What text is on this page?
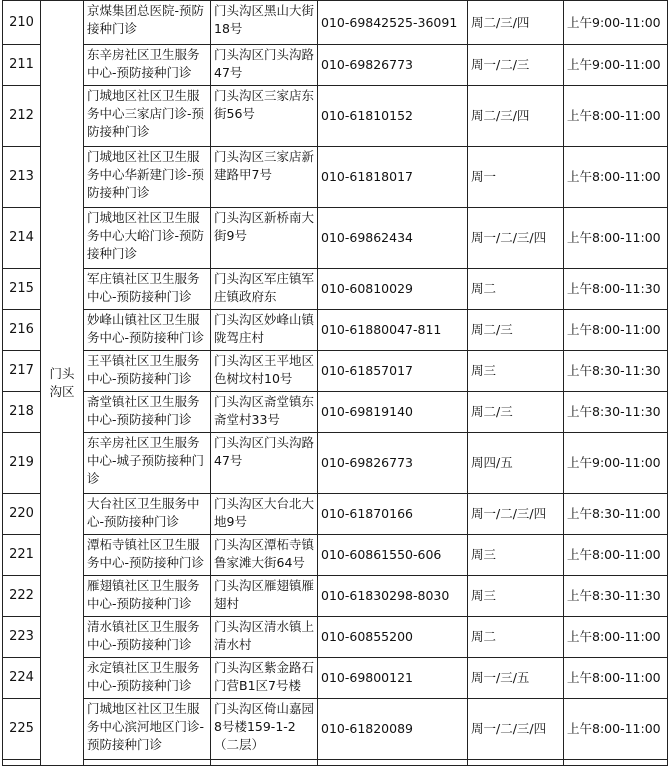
210	门头沟区	京煤集团总医院-预防接种门诊	门头沟区黑山大街18号	010-69842525-36091	周二/三/四	上午9:00-11:00
211		东辛房社区卫生服务中心-预防接种门诊	门头沟区门头沟路47号	010-69826773	周一/二/三	上午9:00-11:00
212		门城地区社区卫生服务中心三家店门诊-预防接种门诊	门头沟区三家店东街56号	010-61810152	周二/三/四	上午8:00-11:00
213		门城地区社区卫生服务中心华新建门诊-预防接种门诊	门头沟区三家店新建路甲7号	010-61818017	周一	上午8:00-11:00
214		门城地区社区卫生服务中心大峪门诊-预防接种门诊	门头沟区新桥南大街9号	010-69862434	周一/二/三/四	上午8:00-11:00
215		军庄镇社区卫生服务中心-预防接种门诊	门头沟区军庄镇军庄镇政府东	010-60810029	周二	上午8:00-11:30
216		妙峰山镇社区卫生服务中心-预防接种门诊	门头沟区妙峰山镇陇驾庄村	010-61880047-811	周二/三	上午8:00-11:00
217		王平镇社区卫生服务中心-预防接种门诊	门头沟区王平地区色树坟村10号	010-61857017	周三	上午8:30-11:30
218		斋堂镇社区卫生服务中心-预防接种门诊	门头沟区斋堂镇东斋堂村33号	010-69819140	周二/三	上午8:30-11:30
219		东辛房社区卫生服务中心-城子预防接种门诊	门头沟区门头沟路47号	010-69826773	周四/五	上午9:00-11:00
220		大台社区卫生服务中心-预防接种门诊	门头沟区大台北大地9号	010-61870166	周一/二/三/四	上午8:30-11:00
221		潭柘寺镇社区卫生服务中心-预防接种门诊	门头沟区潭柘寺镇鲁家滩大街64号	010-60861550-606	周三	上午8:00-11:00
222		雁翅镇社区卫生服务中心-预防接种门诊	门头沟区雁翅镇雁翅村	010-61830298-8030	周三	上午8:30-11:30
223		清水镇社区卫生服务中心-预防接种门诊	门头沟区清水镇上清水村	010-60855200	周二	上午8:00-11:00
224		永定镇社区卫生服务中心-预防接种门诊	门头沟区紫金路石门营B1区7号楼	010-69800121	周一/三/五	上午8:00-11:00
225		门城地区社区卫生服务中心滨河地区门诊-预防接种门诊	门头沟区倚山嘉园8号楼159-1-2（二层）	010-61820089	周一/二/三/四	上午8:00-11:00
